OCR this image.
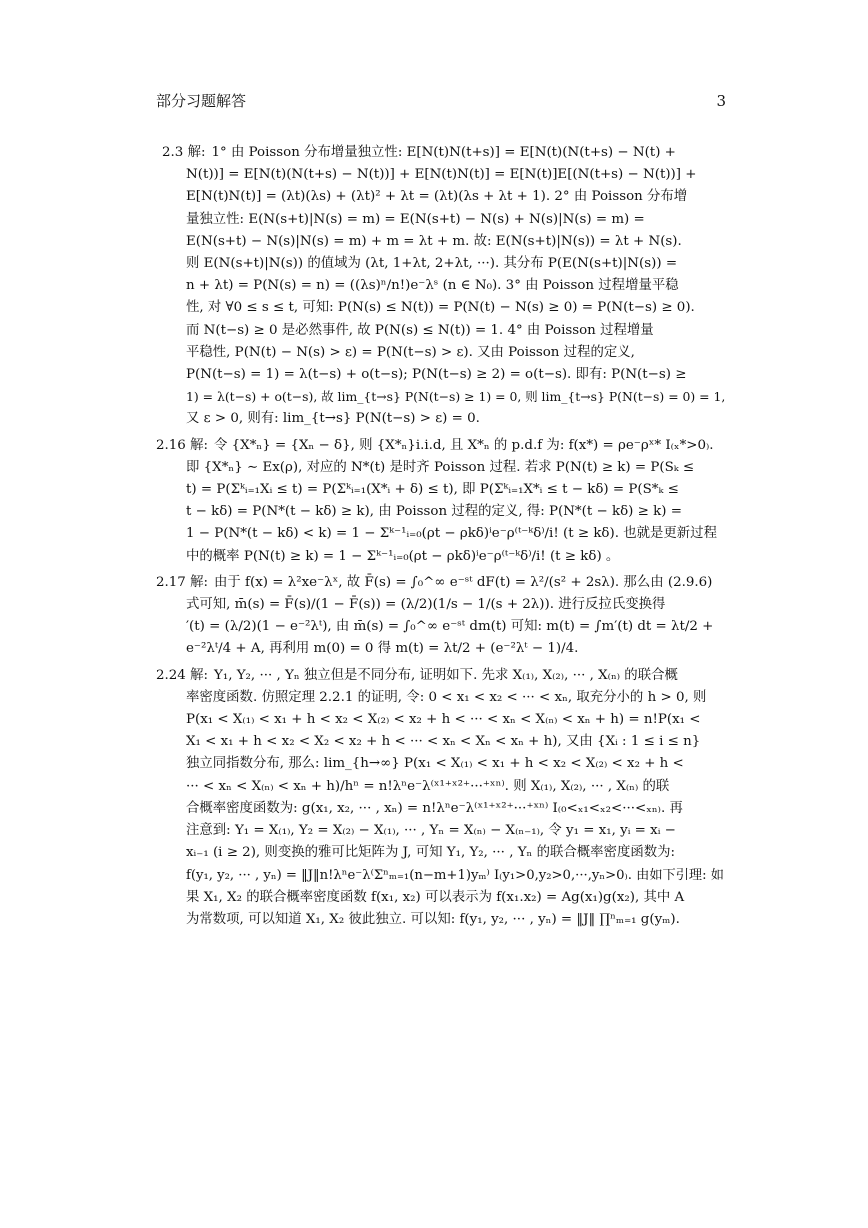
部分习题解答	3
2.3 解: 1° 由 Poisson 分布增量独立性: E[N(t)N(t+s)] = E[N(t)(N(t+s) − N(t) +
N(t))] = E[N(t)(N(t+s) − N(t))] + E[N(t)N(t)] = E[N(t)]E[(N(t+s) − N(t))] +
E[N(t)N(t)] = (λt)(λs) + (λt)² + λt = (λt)(λs + λt + 1). 2° 由 Poisson 分布增
量独立性: E(N(s+t)|N(s) = m) = E(N(s+t) − N(s) + N(s)|N(s) = m) =
E(N(s+t) − N(s)|N(s) = m) + m = λt + m. 故: E(N(s+t)|N(s)) = λt + N(s).
则 E(N(s+t)|N(s)) 的值域为 (λt, 1+λt, 2+λt, ···). 其分布 P(E(N(s+t)|N(s)) =
n + λt) = P(N(s) = n) = ((λs)ⁿ/n!)e⁻λˢ (n ∈ N₀). 3° 由 Poisson 过程增量平稳
性, 对 ∀0 ≤ s ≤ t, 可知: P(N(s) ≤ N(t)) = P(N(t) − N(s) ≥ 0) = P(N(t−s) ≥ 0).
而 N(t−s) ≥ 0 是必然事件, 故 P(N(s) ≤ N(t)) = 1. 4° 由 Poisson 过程增量
平稳性, P(N(t) − N(s) > ε) = P(N(t−s) > ε). 又由 Poisson 过程的定义,
P(N(t−s) = 1) = λ(t−s) + o(t−s); P(N(t−s) ≥ 2) = o(t−s). 即有: P(N(t−s) ≥
1) = λ(t−s) + o(t−s), 故 lim_{t→s} P(N(t−s) ≥ 1) = 0, 则 lim_{t→s} P(N(t−s) = 0) = 1,
又 ε > 0, 则有: lim_{t→s} P(N(t−s) > ε) = 0.
2.16 解: 令 {X*ₙ} = {Xₙ − δ}, 则 {X*ₙ}i.i.d, 且 X*ₙ 的 p.d.f 为: f(x*) = ρe⁻ρˣ* I₍ₓ*>0₎.
即 {X*ₙ} ∼ Ex(ρ), 对应的 N*(t) 是时齐 Poisson 过程. 若求 P(N(t) ≥ k) = P(Sₖ ≤
t) = P(Σᵏᵢ₌₁Xᵢ ≤ t) = P(Σᵏᵢ₌₁(X*ᵢ + δ) ≤ t), 即 P(Σᵏᵢ₌₁X*ᵢ ≤ t − kδ) = P(S*ₖ ≤
t − kδ) = P(N*(t − kδ) ≥ k), 由 Poisson 过程的定义, 得: P(N*(t − kδ) ≥ k) =
1 − P(N*(t − kδ) < k) = 1 − Σᵏ⁻¹ᵢ₌₀(ρt − ρkδ)ⁱe⁻ρ⁽ᵗ⁻ᵏδ⁾/i! (t ≥ kδ). 也就是更新过程
中的概率 P(N(t) ≥ k) = 1 − Σᵏ⁻¹ᵢ₌₀(ρt − ρkδ)ⁱe⁻ρ⁽ᵗ⁻ᵏδ⁾/i! (t ≥ kδ) 。
2.17 解: 由于 f(x) = λ²xe⁻λˣ, 故 F̄(s) = ∫₀^∞ e⁻ˢᵗ dF(t) = λ²/(s² + 2sλ). 那么由 (2.9.6)
式可知, m̄(s) = F̄(s)/(1 − F̄(s)) = (λ/2)(1/s − 1/(s + 2λ)). 进行反拉氏变换得
′(t) = (λ/2)(1 − e⁻²λᵗ), 由 m̄(s) = ∫₀^∞ e⁻ˢᵗ dm(t) 可知: m(t) = ∫m′(t) dt = λt/2 +
e⁻²λᵗ/4 + A, 再利用 m(0) = 0 得 m(t) = λt/2 + (e⁻²λᵗ − 1)/4.
2.24 解: Y₁, Y₂, ··· , Yₙ 独立但是不同分布, 证明如下. 先求 X₍₁₎, X₍₂₎, ··· , X₍ₙ₎ 的联合概
率密度函数. 仿照定理 2.2.1 的证明, 令: 0 < x₁ < x₂ < ··· < xₙ, 取充分小的 h > 0, 则
P(x₁ < X₍₁₎ < x₁ + h < x₂ < X₍₂₎ < x₂ + h < ··· < xₙ < X₍ₙ₎ < xₙ + h) = n!P(x₁ <
X₁ < x₁ + h < x₂ < X₂ < x₂ + h < ··· < xₙ < Xₙ < xₙ + h), 又由 {Xᵢ : 1 ≤ i ≤ n}
独立同指数分布, 那么: lim_{h→∞} P(x₁ < X₍₁₎ < x₁ + h < x₂ < X₍₂₎ < x₂ + h <
··· < xₙ < X₍ₙ₎ < xₙ + h)/hⁿ = n!λⁿe⁻λ⁽ˣ¹⁺ˣ²⁺···⁺ˣⁿ⁾. 则 X₍₁₎, X₍₂₎, ··· , X₍ₙ₎ 的联
合概率密度函数为: g(x₁, x₂, ··· , xₙ) = n!λⁿe⁻λ⁽ˣ¹⁺ˣ²⁺···⁺ˣⁿ⁾ I₍₀<ₓ₁<ₓ₂<···<ₓₙ₎. 再
注意到: Y₁ = X₍₁₎, Y₂ = X₍₂₎ − X₍₁₎, ··· , Yₙ = X₍ₙ₎ − X₍ₙ₋₁₎, 令 y₁ = x₁, yᵢ = xᵢ −
xᵢ₋₁ (i ≥ 2), 则变换的雅可比矩阵为 J, 可知 Y₁, Y₂, ··· , Yₙ 的联合概率密度函数为:
f(y₁, y₂, ··· , yₙ) = ‖J‖n!λⁿe⁻λ⁽Σⁿₘ₌₁(n−m+1)yₘ⁾ I₍y₁>0,y₂>0,···,yₙ>0₎. 由如下引理: 如
果 X₁, X₂ 的联合概率密度函数 f(x₁, x₂) 可以表示为 f(x₁.x₂) = Ag(x₁)g(x₂), 其中 A
为常数项, 可以知道 X₁, X₂ 彼此独立. 可以知: f(y₁, y₂, ··· , yₙ) = ‖J‖ ∏ⁿₘ₌₁ g(yₘ).
